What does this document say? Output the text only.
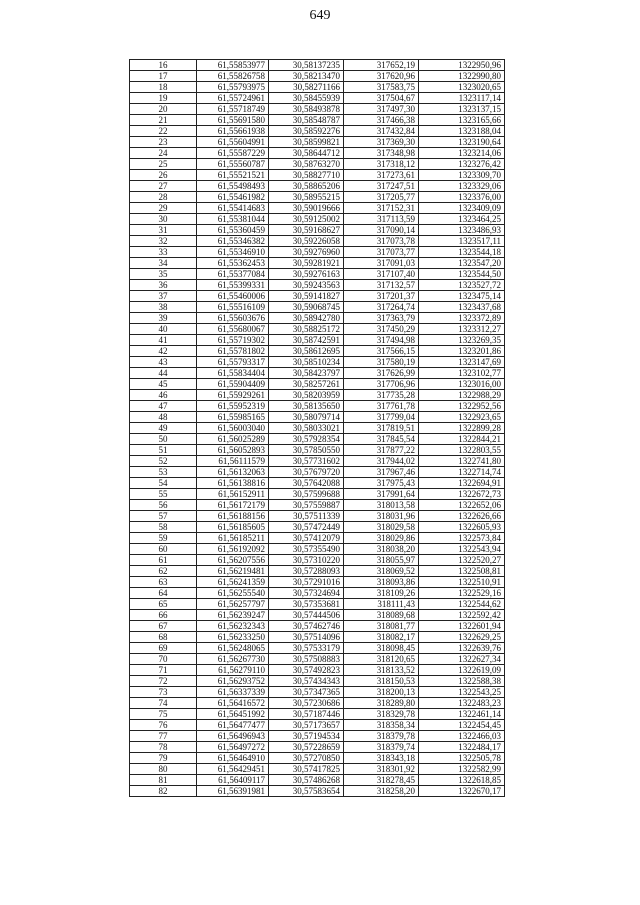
649
16	61,55853977	30,58137235	317652,19	1322950,96
17	61,55826758	30,58213470	317620,96	1322990,80
18	61,55793975	30,58271166	317583,75	1323020,65
19	61,55724961	30,58455939	317504,67	1323117,14
20	61,55718749	30,58493878	317497,30	1323137,15
21	61,55691580	30,58548787	317466,38	1323165,66
22	61,55661938	30,58592276	317432,84	1323188,04
23	61,55604991	30,58599821	317369,30	1323190,64
24	61,55587229	30,58644712	317348,98	1323214,06
25	61,55560787	30,58763270	317318,12	1323276,42
26	61,55521521	30,58827710	317273,61	1323309,70
27	61,55498493	30,58865206	317247,51	1323329,06
28	61,55461982	30,58955215	317205,77	1323376,00
29	61,55414683	30,59019666	317152,31	1323409,09
30	61,55381044	30,59125002	317113,59	1323464,25
31	61,55360459	30,59168627	317090,14	1323486,93
32	61,55346382	30,59226058	317073,78	1323517,11
33	61,55346910	30,59276960	317073,77	1323544,18
34	61,55362453	30,59281921	317091,03	1323547,20
35	61,55377084	30,59276163	317107,40	1323544,50
36	61,55399331	30,59243563	317132,57	1323527,72
37	61,55460006	30,59141827	317201,37	1323475,14
38	61,55516109	30,59068745	317264,74	1323437,68
39	61,55603676	30,58942780	317363,79	1323372,89
40	61,55680067	30,58825172	317450,29	1323312,27
41	61,55719302	30,58742591	317494,98	1323269,35
42	61,55781802	30,58612695	317566,15	1323201,86
43	61,55793317	30,58510234	317580,19	1323147,69
44	61,55834404	30,58423797	317626,99	1323102,77
45	61,55904409	30,58257261	317706,96	1323016,00
46	61,55929261	30,58203959	317735,28	1322988,29
47	61,55952319	30,58135650	317761,78	1322952,56
48	61,55985165	30,58079714	317799,04	1322923,65
49	61,56003040	30,58033021	317819,51	1322899,28
50	61,56025289	30,57928354	317845,54	1322844,21
51	61,56052893	30,57850550	317877,22	1322803,55
52	61,56111579	30,57731602	317944,02	1322741,80
53	61,56132063	30,57679720	317967,46	1322714,74
54	61,56138816	30,57642088	317975,43	1322694,91
55	61,56152911	30,57599688	317991,64	1322672,73
56	61,56172179	30,57559887	318013,58	1322652,06
57	61,56188156	30,57511339	318031,96	1322626,66
58	61,56185605	30,57472449	318029,58	1322605,93
59	61,56185211	30,57412079	318029,86	1322573,84
60	61,56192092	30,57355490	318038,20	1322543,94
61	61,56207556	30,57310220	318055,97	1322520,27
62	61,56219481	30,57288093	318069,52	1322508,81
63	61,56241359	30,57291016	318093,86	1322510,91
64	61,56255540	30,57324694	318109,26	1322529,16
65	61,56257797	30,57353681	318111,43	1322544,62
66	61,56239247	30,57444506	318089,68	1322592,42
67	61,56232343	30,57462746	318081,77	1322601,94
68	61,56233250	30,57514096	318082,17	1322629,25
69	61,56248065	30,57533179	318098,45	1322639,76
70	61,56267730	30,57508883	318120,65	1322627,34
71	61,56279110	30,57492823	318133,52	1322619,09
72	61,56293752	30,57434343	318150,53	1322588,38
73	61,56337339	30,57347365	318200,13	1322543,25
74	61,56416572	30,57230686	318289,80	1322483,23
75	61,56451992	30,57187446	318329,78	1322461,14
76	61,56477477	30,57173657	318358,34	1322454,45
77	61,56496943	30,57194534	318379,78	1322466,03
78	61,56497272	30,57228659	318379,74	1322484,17
79	61,56464910	30,57270850	318343,18	1322505,78
80	61,56429451	30,57417825	318301,92	1322582,99
81	61,56409117	30,57486268	318278,45	1322618,85
82	61,56391981	30,57583654	318258,20	1322670,17
